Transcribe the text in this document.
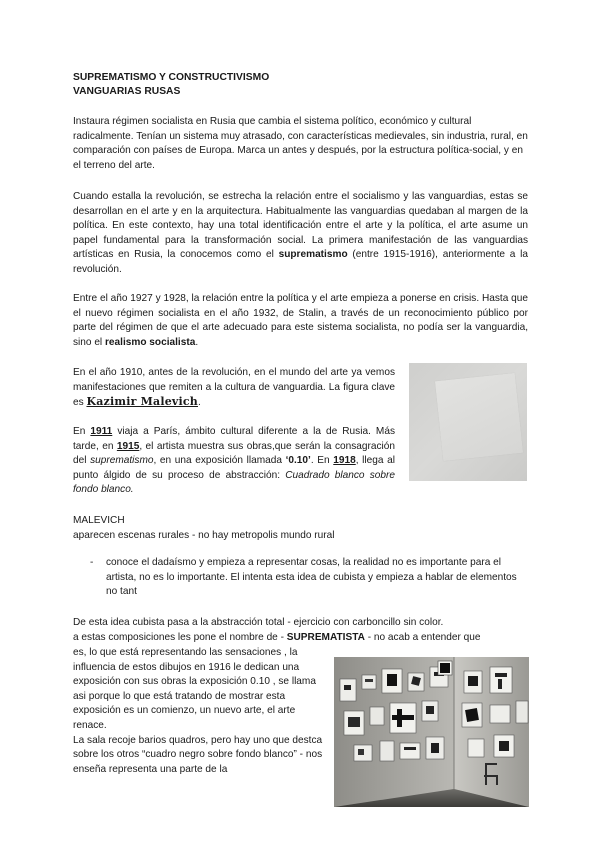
SUPREMATISMO Y CONSTRUCTIVISMO
VANGUARIAS RUSAS
Instaura régimen socialista en Rusia que cambia el sistema político, económico y cultural radicalmente. Tenían un sistema muy atrasado, con características medievales, sin industria, rural, en comparación con países de Europa. Marca un antes y después, por la estructura política-social, y en el terreno del arte.
Cuando estalla la revolución, se estrecha la relación entre el socialismo y las vanguardias, estas se desarrollan en el arte y en la arquitectura. Habitualmente las vanguardias quedaban al margen de la política. En este contexto, hay una total identificación entre el arte y la política, el arte asume un papel fundamental para la transformación social. La primera manifestación de las vanguardias artísticas en Rusia, la conocemos como el suprematismo (entre 1915-1916), anteriormente a la revolución.
Entre el año 1927 y 1928, la relación entre la política y el arte empieza a ponerse en crisis. Hasta que el nuevo régimen socialista en el año 1932, de Stalin, a través de un reconocimiento público por parte del régimen de que el arte adecuado para este sistema socialista, no podía ser la vanguardia, sino el realismo socialista.
En el año 1910, antes de la revolución, en el mundo del arte ya vemos manifestaciones que remiten a la cultura de vanguardia. La figura clave es Kazimir Malevich.
En 1911 viaja a París, ámbito cultural diferente a la de Rusia. Más tarde, en 1915, el artista muestra sus obras,que serán la consagración del suprematismo, en una exposición llamada ‘0.10’. En 1918, llega al punto álgido de su proceso de abstracción: Cuadrado blanco sobre fondo blanco.
MALEVICH
aparecen escenas rurales - no hay metropolis mundo rural
- conoce el dadaísmo y empieza a representar cosas, la realidad no es importante para el artista, no es lo importante. El intenta esta idea de cubista y empieza a hablar de elementos no tant
De esta idea cubista pasa a la abstracción total - ejercicio con carboncillo sin color.
a estas composiciones les pone el nombre de - SUPREMATISTA - no acab a entender que
es, lo que está representando las sensaciones , la influencia de estos dibujos en 1916 le dedican una exposición con sus obras la exposición 0.10 , se llama asi porque lo que está tratando de mostrar esta exposición es un comienzo, un nuevo arte, el arte renace.
La sala recoje barios quadros, pero hay uno que destca sobre los otros “cuadro negro sobre fondo blanco” - nos enseña representa una parte de la
